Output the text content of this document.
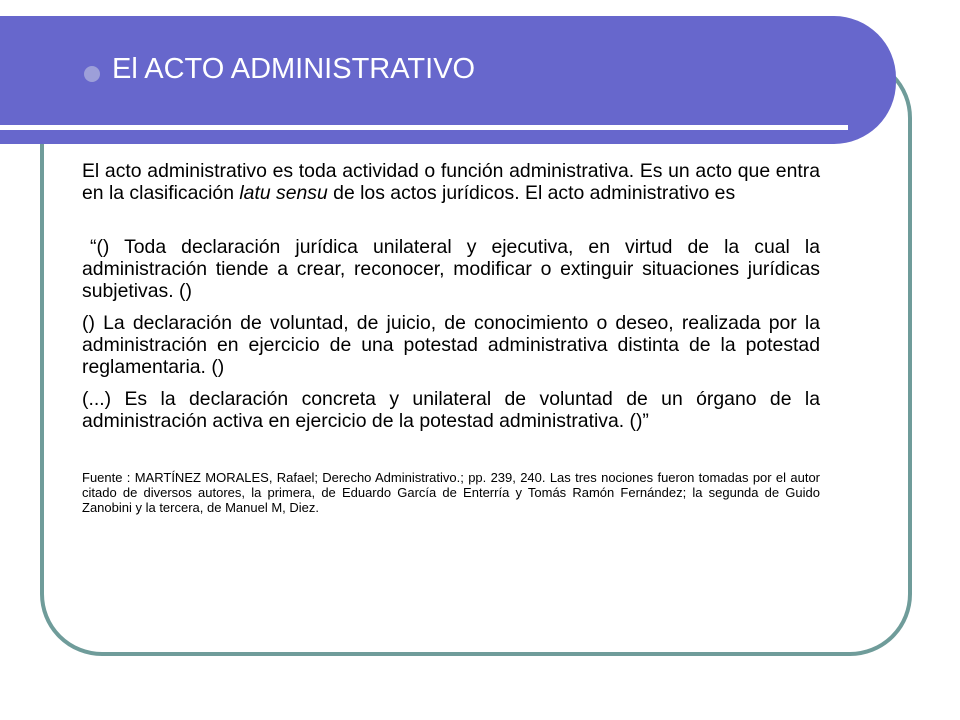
El ACTO ADMINISTRATIVO

El acto administrativo es toda actividad o función administrativa. Es un acto que entra en la clasificación latu sensu de los actos jurídicos. El acto administrativo es

“() Toda declaración jurídica unilateral y ejecutiva, en virtud de la cual la administración tiende a crear, reconocer, modificar o extinguir situaciones jurídicas subjetivas. ()

() La declaración de voluntad, de juicio, de conocimiento o deseo, realizada por la administración en ejercicio de una potestad administrativa distinta de la potestad reglamentaria. ()

(...) Es la declaración concreta y unilateral de voluntad de un órgano de la administración activa en ejercicio de la potestad administrativa. ()”

Fuente : MARTÍNEZ MORALES, Rafael; Derecho Administrativo.; pp. 239, 240. Las tres nociones fueron tomadas por el autor citado de diversos autores, la primera, de Eduardo García de Enterría y Tomás Ramón Fernández; la segunda de Guido Zanobini y la tercera, de Manuel M, Diez.
